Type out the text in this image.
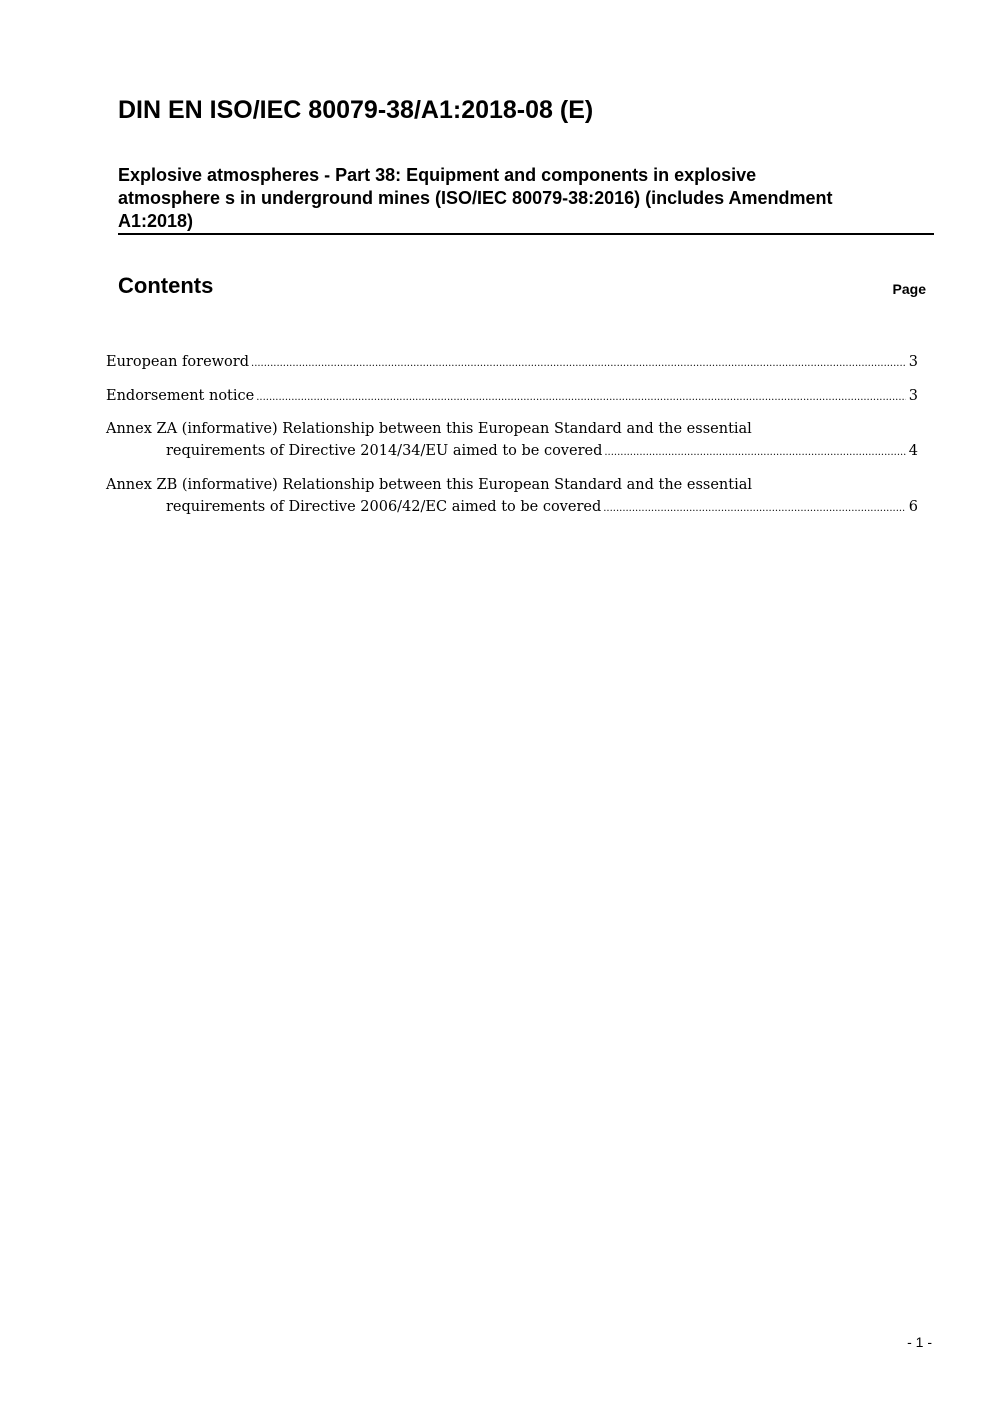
DIN EN ISO/IEC 80079-38/A1:2018-08 (E)
Explosive atmospheres - Part 38: Equipment and components in explosive
atmosphere s in underground mines (ISO/IEC 80079-38:2016) (includes Amendment
A1:2018)
Contents	Page
European foreword .....	3
Endorsement notice .....	3
Annex ZA (informative) Relationship between this European Standard and the essential
requirements of Directive 2014/34/EU aimed to be covered .....	4
Annex ZB (informative) Relationship between this European Standard and the essential
requirements of Directive 2006/42/EC aimed to be covered .....	6
- 1 -
